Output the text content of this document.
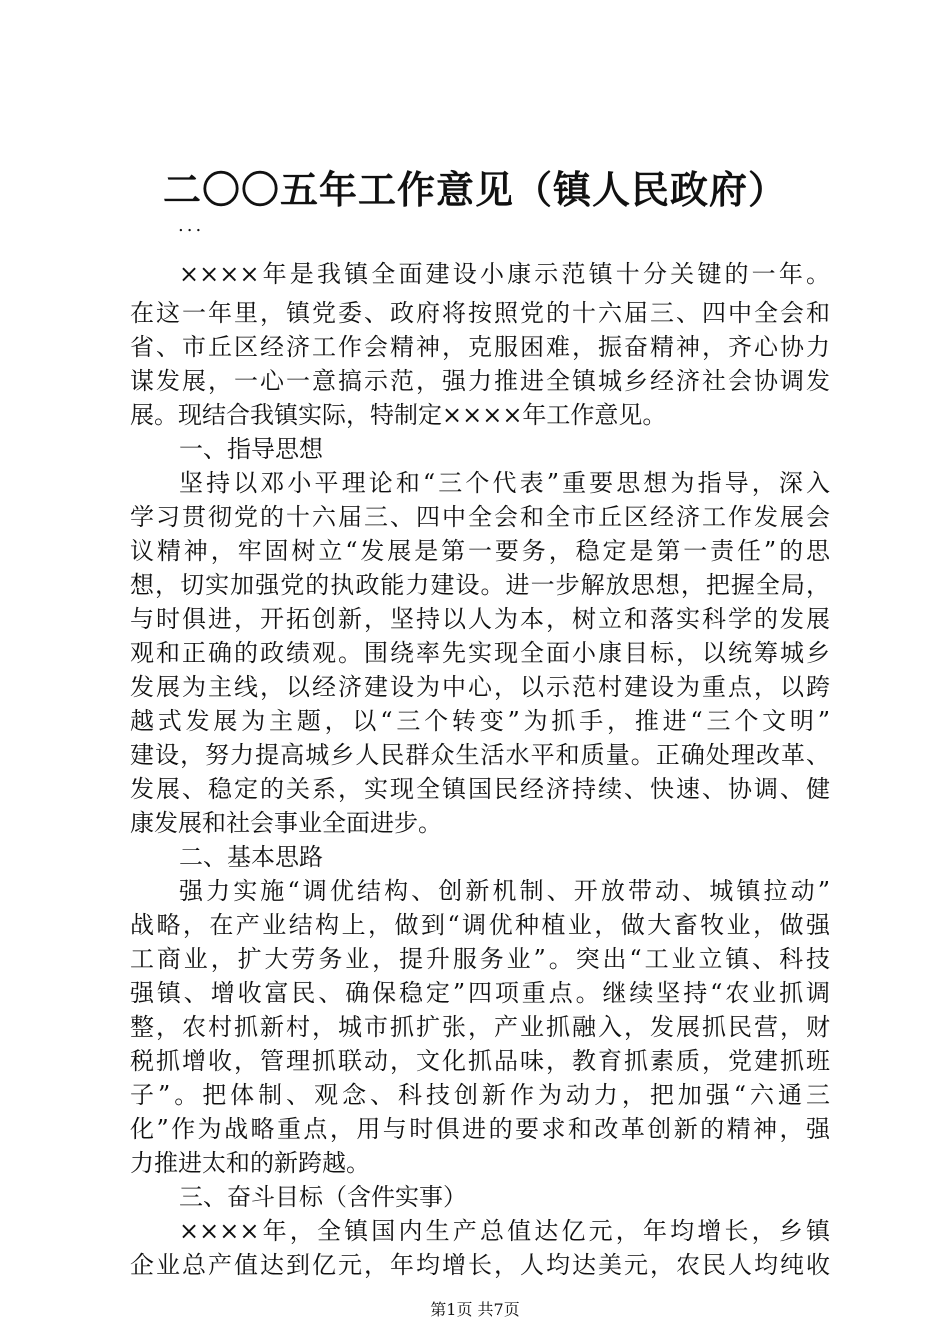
二〇〇五年工作意见（镇人民政府）
...
××××年是我镇全面建设小康示范镇十分关键的一年。
在这一年里，镇党委、政府将按照党的十六届三、四中全会和
省、市丘区经济工作会精神，克服困难，振奋精神，齐心协力
谋发展，一心一意搞示范，强力推进全镇城乡经济社会协调发
展。现结合我镇实际，特制定××××年工作意见。
一、指导思想
坚持以邓小平理论和“三个代表”重要思想为指导，深入
学习贯彻党的十六届三、四中全会和全市丘区经济工作发展会
议精神，牢固树立“发展是第一要务，稳定是第一责任”的思
想，切实加强党的执政能力建设。进一步解放思想，把握全局，
与时俱进，开拓创新，坚持以人为本，树立和落实科学的发展
观和正确的政绩观。围绕率先实现全面小康目标，以统筹城乡
发展为主线，以经济建设为中心，以示范村建设为重点，以跨
越式发展为主题，以“三个转变”为抓手，推进“三个文明”
建设，努力提高城乡人民群众生活水平和质量。正确处理改革、
发展、稳定的关系，实现全镇国民经济持续、快速、协调、健
康发展和社会事业全面进步。
二、基本思路
强力实施“调优结构、创新机制、开放带动、城镇拉动”
战略，在产业结构上，做到“调优种植业，做大畜牧业，做强
工商业，扩大劳务业，提升服务业”。突出“工业立镇、科技
强镇、增收富民、确保稳定”四项重点。继续坚持“农业抓调
整，农村抓新村，城市抓扩张，产业抓融入，发展抓民营，财
税抓增收，管理抓联动，文化抓品味，教育抓素质，党建抓班
子”。把体制、观念、科技创新作为动力，把加强“六通三
化”作为战略重点，用与时俱进的要求和改革创新的精神，强
力推进太和的新跨越。
三、奋斗目标（含件实事）
××××年，全镇国内生产总值达亿元，年均增长，乡镇
企业总产值达到亿元，年均增长，人均达美元，农民人均纯收
第1页 共7页
